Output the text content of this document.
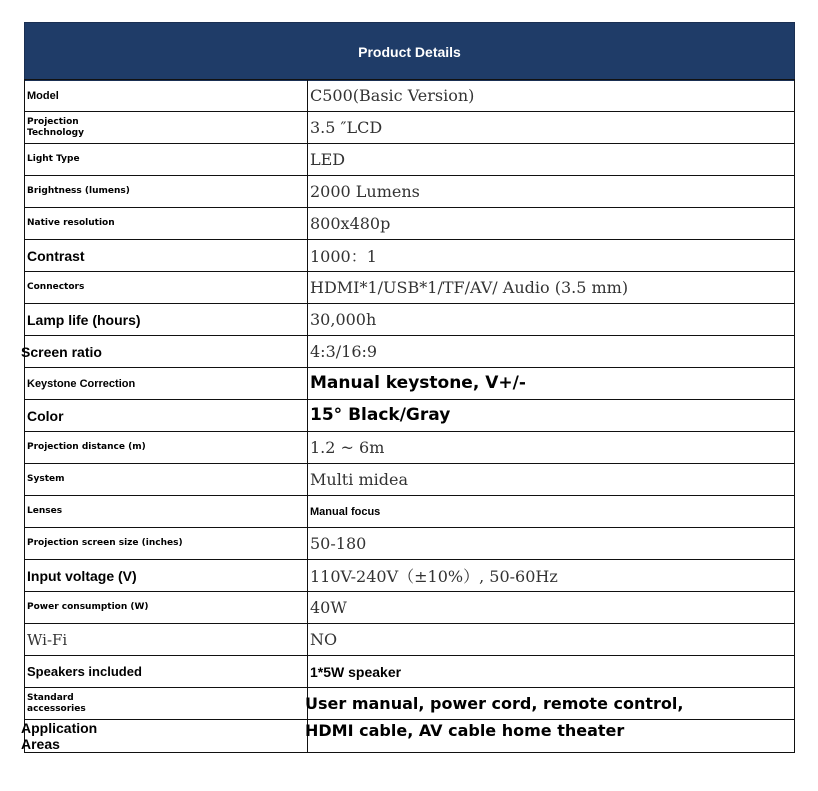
Product Details
Model	C500(Basic Version)
Projection
Technology	3.5 ″LCD
Light Type	LED
Brightness (lumens)	2000 Lumens
Native resolution	800x480p
Contrast	1000：1
Connectors	HDMI*1/USB*1/TF/AV/ Audio (3.5 mm)
Lamp life (hours)	30,000h
Screen ratio	4:3/16:9
Keystone Correction	Manual keystone, V+/-
Color	15° Black/Gray
Projection distance (m)	1.2 ~ 6m
System	Multi midea
Lenses	Manual focus
Projection screen size (inches)	50-180
Input voltage (V)	110V-240V（±10%）, 50-60Hz
Power consumption (W)	40W
Wi-Fi	NO
Speakers included	1*5W speaker
Standard
accessories	User manual, power cord, remote control,
Application
Areas	HDMI cable, AV cable home theater
